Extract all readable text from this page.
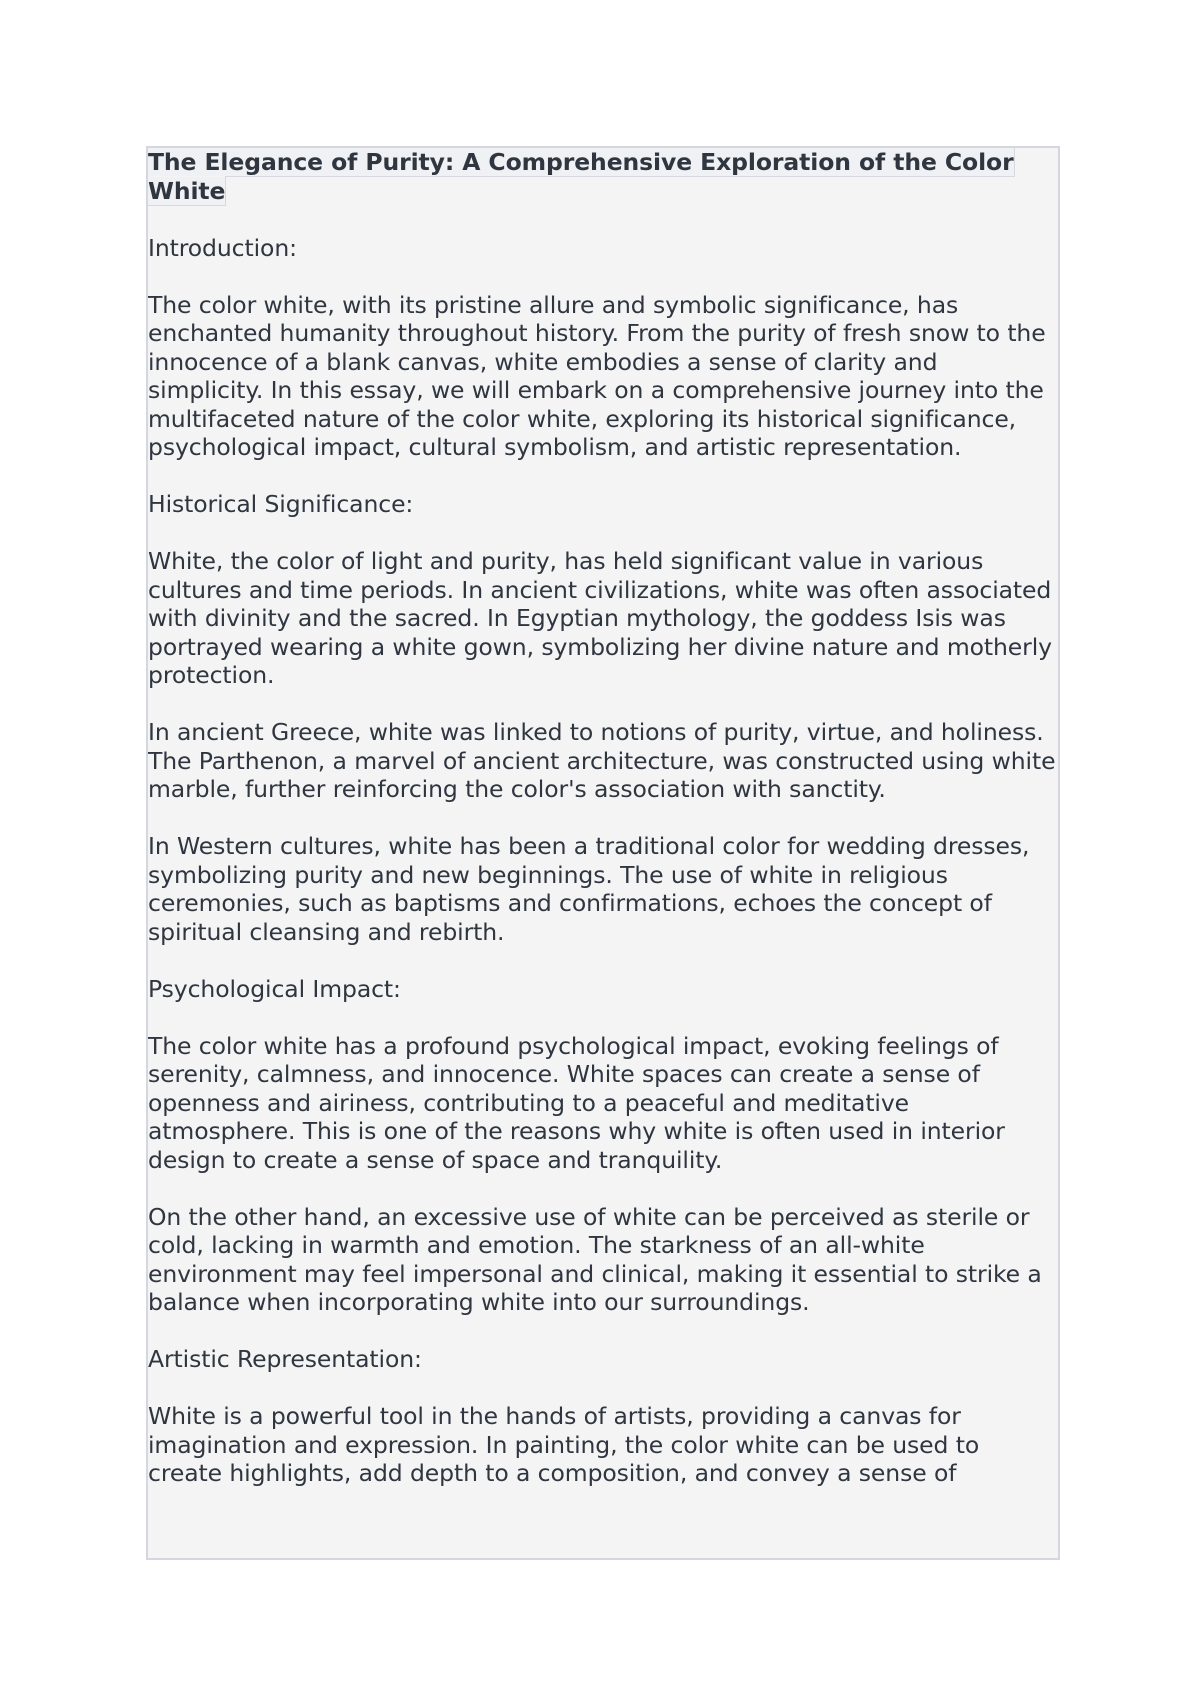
The Elegance of Purity: A Comprehensive Exploration of the Color White

Introduction:

The color white, with its pristine allure and symbolic significance, has enchanted humanity throughout history. From the purity of fresh snow to the innocence of a blank canvas, white embodies a sense of clarity and simplicity. In this essay, we will embark on a comprehensive journey into the multifaceted nature of the color white, exploring its historical significance, psychological impact, cultural symbolism, and artistic representation.

Historical Significance:

White, the color of light and purity, has held significant value in various cultures and time periods. In ancient civilizations, white was often associated with divinity and the sacred. In Egyptian mythology, the goddess Isis was portrayed wearing a white gown, symbolizing her divine nature and motherly protection.

In ancient Greece, white was linked to notions of purity, virtue, and holiness. The Parthenon, a marvel of ancient architecture, was constructed using white marble, further reinforcing the color's association with sanctity.

In Western cultures, white has been a traditional color for wedding dresses, symbolizing purity and new beginnings. The use of white in religious ceremonies, such as baptisms and confirmations, echoes the concept of spiritual cleansing and rebirth.

Psychological Impact:

The color white has a profound psychological impact, evoking feelings of serenity, calmness, and innocence. White spaces can create a sense of openness and airiness, contributing to a peaceful and meditative atmosphere. This is one of the reasons why white is often used in interior design to create a sense of space and tranquility.

On the other hand, an excessive use of white can be perceived as sterile or cold, lacking in warmth and emotion. The starkness of an all-white environment may feel impersonal and clinical, making it essential to strike a balance when incorporating white into our surroundings.

Artistic Representation:

White is a powerful tool in the hands of artists, providing a canvas for imagination and expression. In painting, the color white can be used to create highlights, add depth to a composition, and convey a sense of
